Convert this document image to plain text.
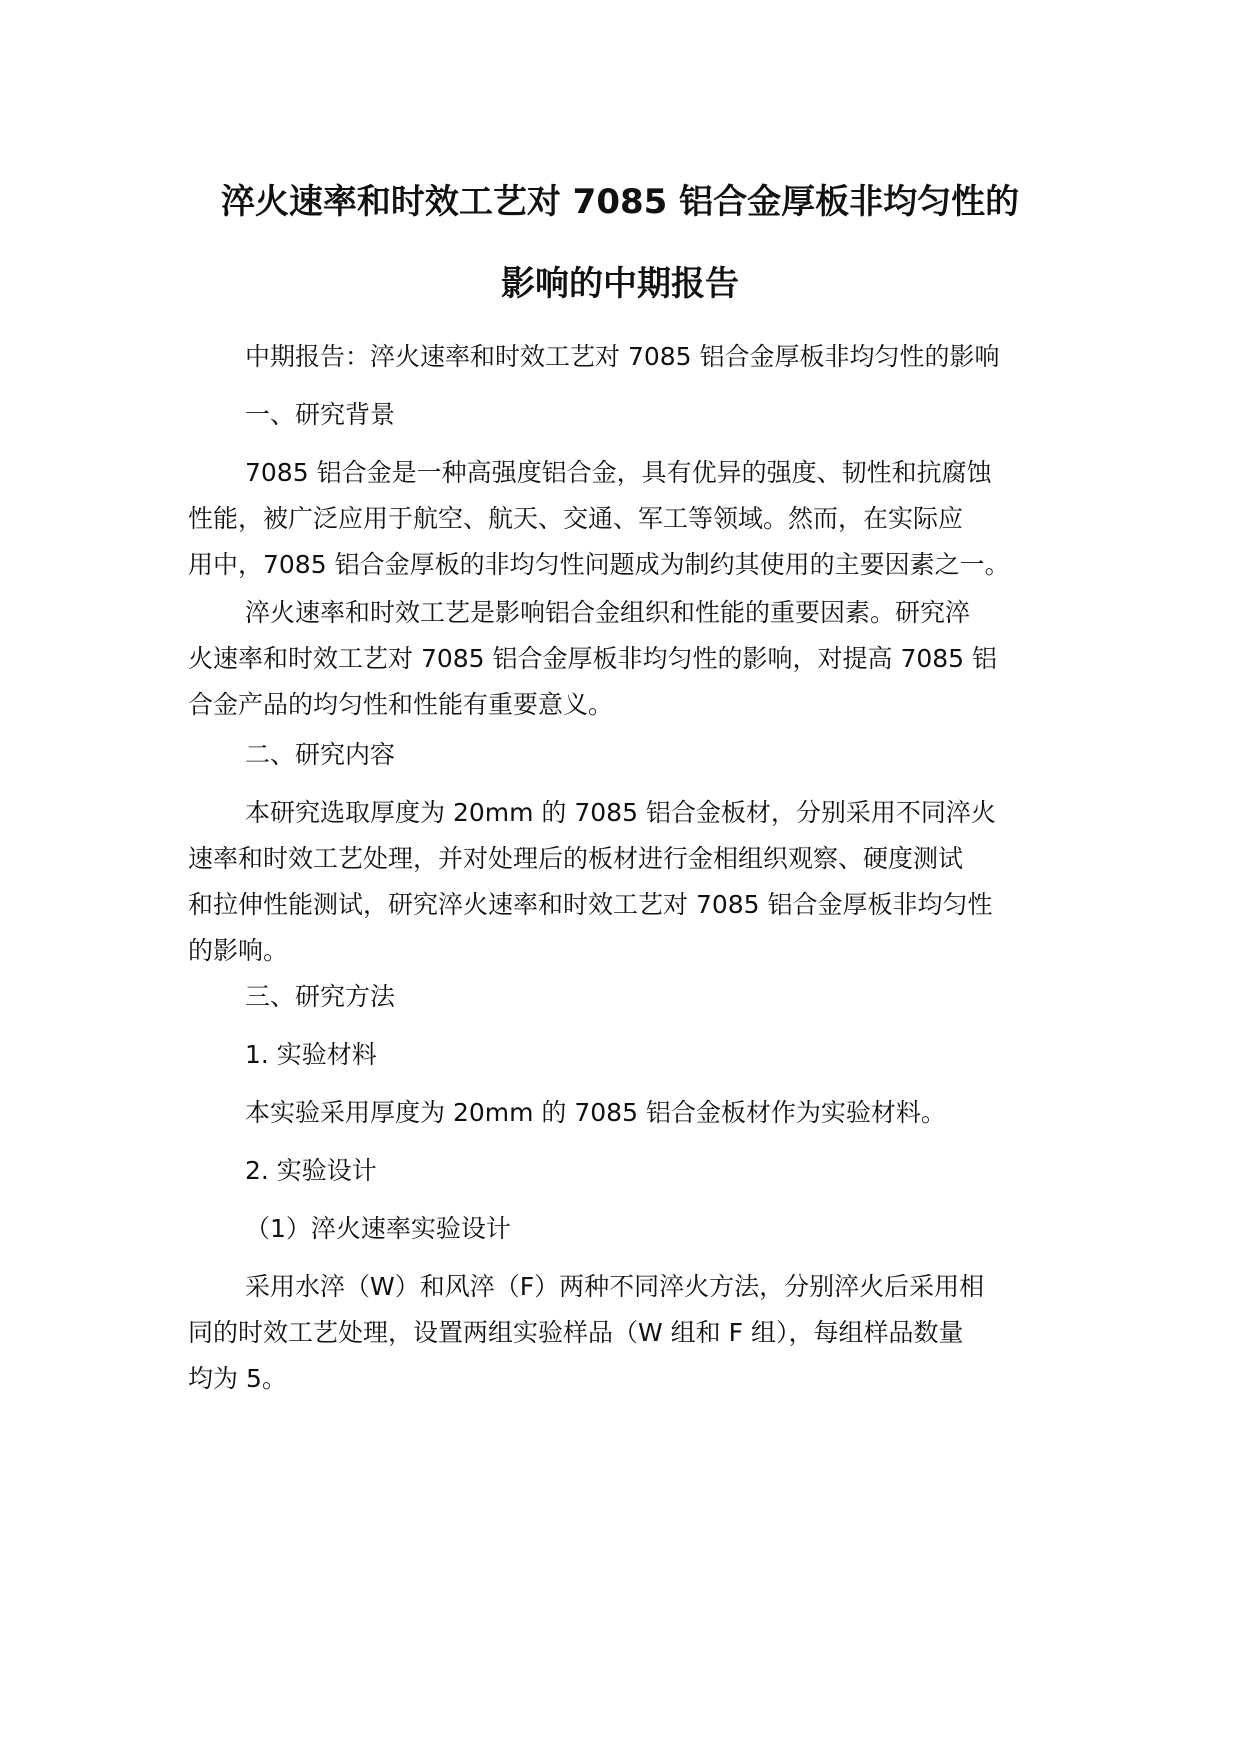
淬火速率和时效工艺对 7085 铝合金厚板非均匀性的
影响的中期报告

中期报告：淬火速率和时效工艺对 7085 铝合金厚板非均匀性的影响

一、研究背景

7085 铝合金是一种高强度铝合金，具有优异的强度、韧性和抗腐蚀
性能，被广泛应用于航空、航天、交通、军工等领域。然而，在实际应
用中，7085 铝合金厚板的非均匀性问题成为制约其使用的主要因素之一。

淬火速率和时效工艺是影响铝合金组织和性能的重要因素。研究淬
火速率和时效工艺对 7085 铝合金厚板非均匀性的影响，对提高 7085 铝
合金产品的均匀性和性能有重要意义。

二、研究内容

本研究选取厚度为 20mm 的 7085 铝合金板材，分别采用不同淬火
速率和时效工艺处理，并对处理后的板材进行金相组织观察、硬度测试
和拉伸性能测试，研究淬火速率和时效工艺对 7085 铝合金厚板非均匀性
的影响。

三、研究方法

1. 实验材料

本实验采用厚度为 20mm 的 7085 铝合金板材作为实验材料。

2. 实验设计

（1）淬火速率实验设计

采用水淬（W）和风淬（F）两种不同淬火方法，分别淬火后采用相
同的时效工艺处理，设置两组实验样品（W 组和 F 组），每组样品数量
均为 5。
